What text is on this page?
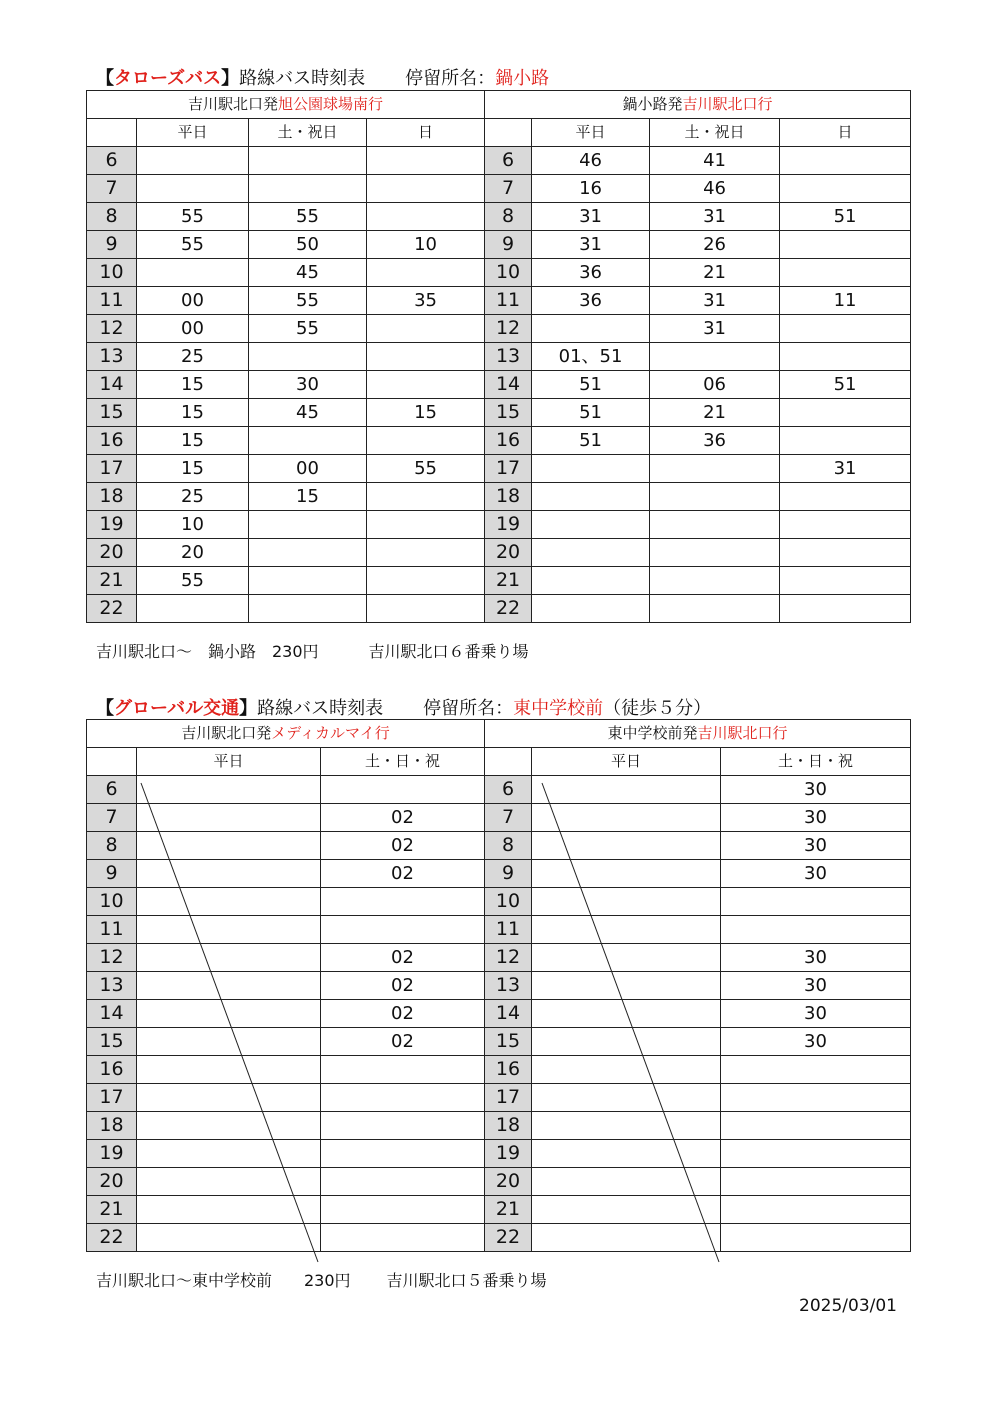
【タローズバス】路線バス時刻表 停留所名：鍋小路
吉川駅北口発旭公園球場南行				鍋小路発吉川駅北口行			
	平日	土・祝日	日		平日	土・祝日	日
6				6	46	41	
7				7	16	46	
8	55	55		8	31	31	51
9	55	50	10	9	31	26	
10		45		10	36	21	
11	00	55	35	11	36	31	11
12	00	55		12		31	
13	25			13	01、51		
14	15	30		14	51	06	51
15	15	45	15	15	51	21	
16	15			16	51	36	
17	15	00	55	17			31
18	25	15		18			
19	10			19			
20	20			20			
21	55			21			
22				22			
吉川駅北口～　鍋小路　230円	吉川駅北口６番乗り場
【グローバル交通】路線バス時刻表 停留所名：東中学校前（徒歩５分）
吉川駅北口発メディカルマイ行			東中学校前発吉川駅北口行		
	平日	土・日・祝		平日	土・日・祝
6			6		30
7		02	7		30
8		02	8		30
9		02	9		30
10			10		
11			11		
12		02	12		30
13		02	13		30
14		02	14		30
15		02	15		30
16			16		
17			17		
18			18		
19			19		
20			20		
21			21		
22			22		
吉川駅北口～東中学校前　　230円 吉川駅北口５番乗り場
2025/03/01
